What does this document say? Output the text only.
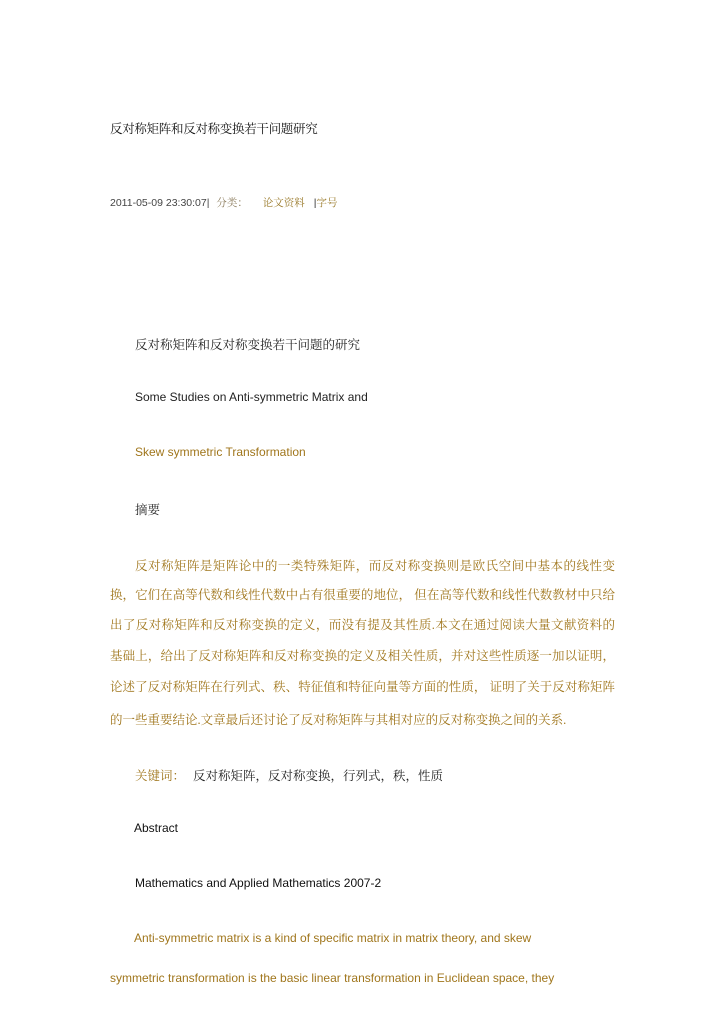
反对称矩阵和反对称变换若干问题研究
2011-05-09 23:30:07| 分类： 论文资料 |字号
反对称矩阵和反对称变换若干问题的研究
Some Studies on Anti-symmetric Matrix and
Skew symmetric Transformation
摘要
反对称矩阵是矩阵论中的一类特殊矩阵，而反对称变换则是欧氏空间中基本的线性变
换，它们在高等代数和线性代数中占有很重要的地位， 但在高等代数和线性代数教材中只给
出了反对称矩阵和反对称变换的定义，而没有提及其性质.本文在通过阅读大量文献资料的
基础上，给出了反对称矩阵和反对称变换的定义及相关性质，并对这些性质逐一加以证明，
论述了反对称矩阵在行列式、秩、特征值和特征向量等方面的性质， 证明了关于反对称矩阵
的一些重要结论.文章最后还讨论了反对称矩阵与其相对应的反对称变换之间的关系.
关键词： 反对称矩阵，反对称变换，行列式，秩，性质
Abstract
Mathematics and Applied Mathematics 2007-2
Anti-symmetric matrix is a kind of specific matrix in matrix theory, and skew
symmetric transformation is the basic linear transformation in Euclidean space, they
